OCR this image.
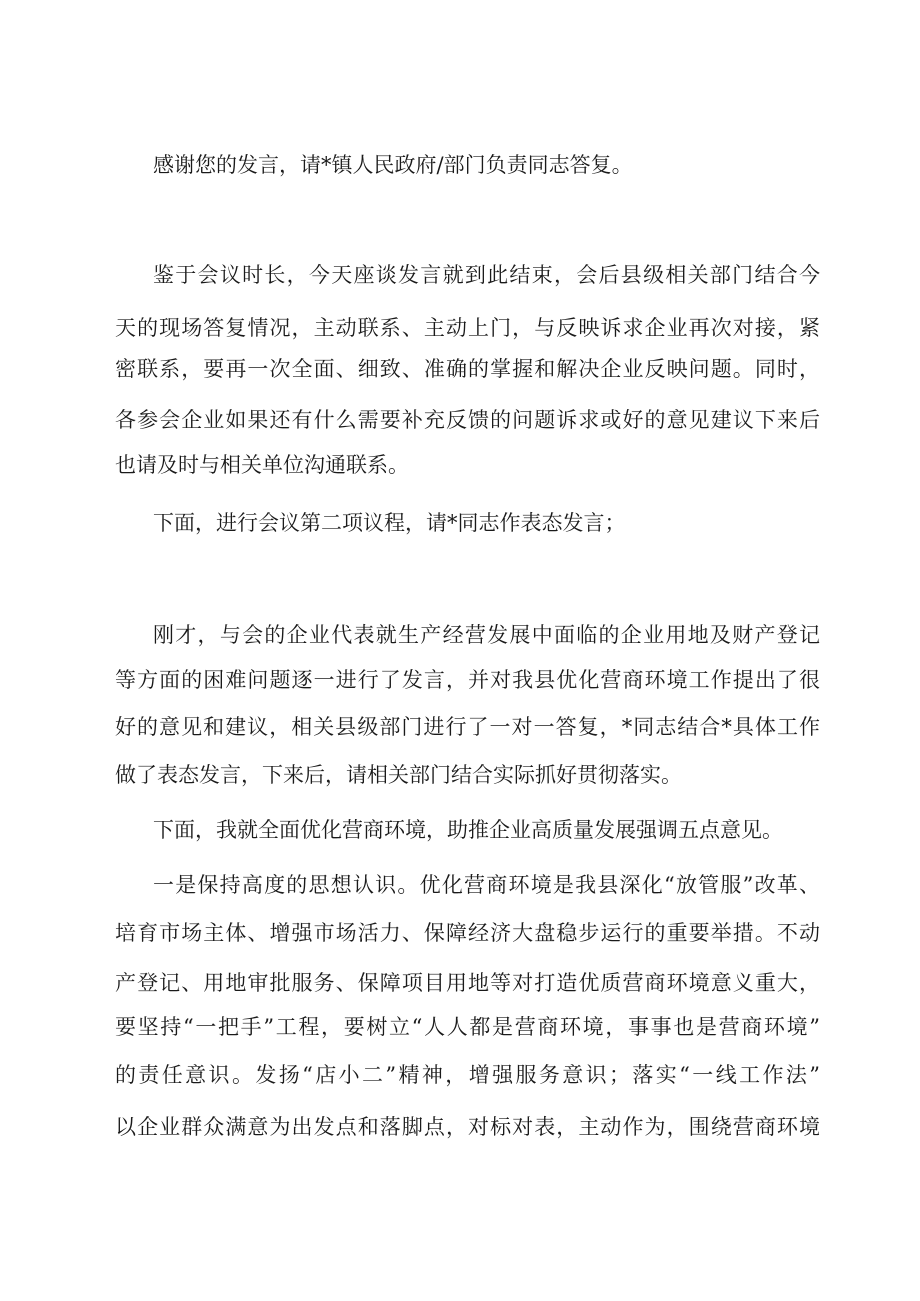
感谢您的发言，请*镇人民政府/部门负责同志答复。
鉴于会议时长，今天座谈发言就到此结束，会后县级相关部门结合今
天的现场答复情况，主动联系、主动上门，与反映诉求企业再次对接，紧
密联系，要再一次全面、细致、准确的掌握和解决企业反映问题。同时，
各参会企业如果还有什么需要补充反馈的问题诉求或好的意见建议下来后
也请及时与相关单位沟通联系。
下面，进行会议第二项议程，请*同志作表态发言；
刚才，与会的企业代表就生产经营发展中面临的企业用地及财产登记
等方面的困难问题逐一进行了发言，并对我县优化营商环境工作提出了很
好的意见和建议，相关县级部门进行了一对一答复，*同志结合*具体工作
做了表态发言，下来后，请相关部门结合实际抓好贯彻落实。
下面，我就全面优化营商环境，助推企业高质量发展强调五点意见。
一是保持高度的思想认识。优化营商环境是我县深化“放管服”改革、
培育市场主体、增强市场活力、保障经济大盘稳步运行的重要举措。不动
产登记、用地审批服务、保障项目用地等对打造优质营商环境意义重大，
要坚持“一把手”工程，要树立“人人都是营商环境，事事也是营商环境”
的责任意识。发扬“店小二”精神，增强服务意识；落实“一线工作法”
以企业群众满意为出发点和落脚点，对标对表，主动作为，围绕营商环境
